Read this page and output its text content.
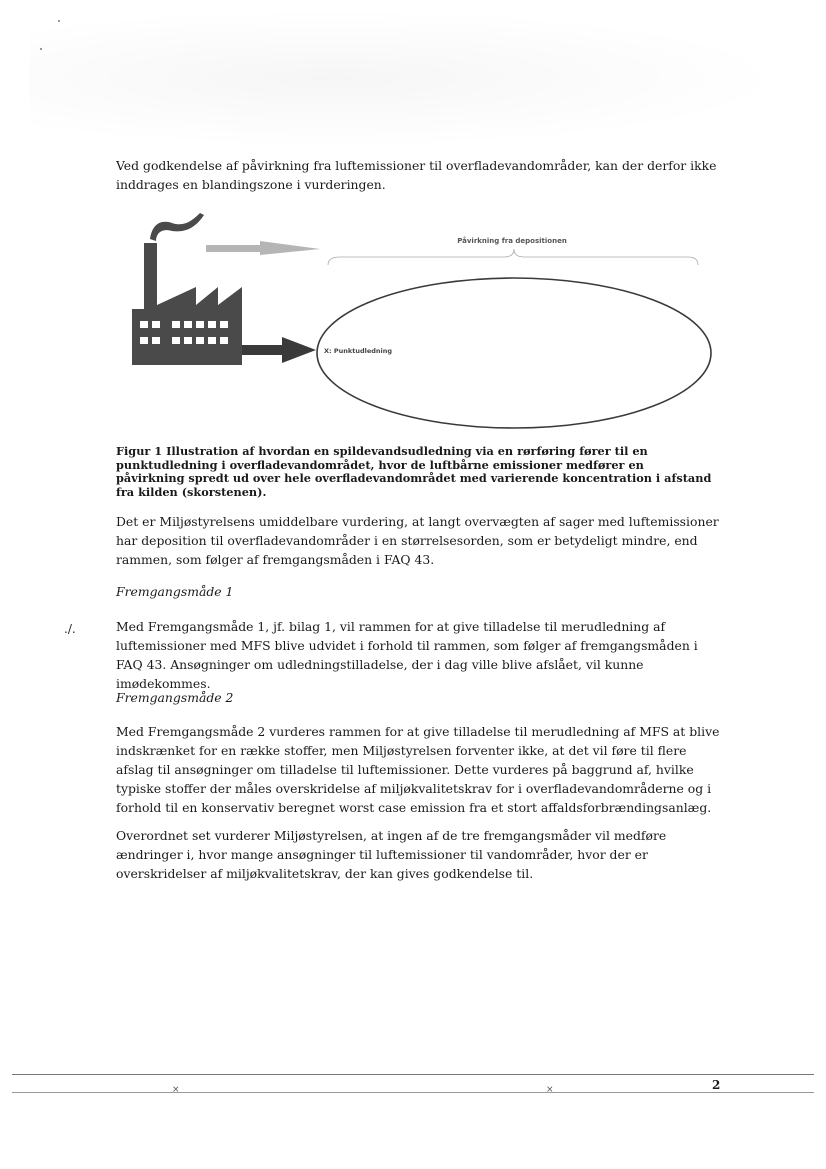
Ved godkendelse af påvirkning fra luftemissioner til overfladevandområder, kan der derfor ikke inddrages en blandingszone i vurderingen.

Påvirkning fra depositionen
X: Punktudledning

Figur 1 Illustration af hvordan en spildevandsudledning via en rørføring fører til en punktudledning i overfladevandområdet, hvor de luftbårne emissioner medfører en påvirkning spredt ud over hele overfladevandområdet med varierende koncentration i afstand fra kilden (skorstenen).

Det er Miljøstyrelsens umiddelbare vurdering, at langt overvægten af sager med luftemissioner har deposition til overfladevandområder i en størrelsesorden, som er betydeligt mindre, end rammen, som følger af fremgangsmåden i FAQ 43.

Fremgangsmåde 1

./.	Med Fremgangsmåde 1, jf. bilag 1, vil rammen for at give tilladelse til merudledning af luftemissioner med MFS blive udvidet i forhold til rammen, som følger af fremgangsmåden i FAQ 43. Ansøgninger om udledningstilladelse, der i dag ville blive afslået, vil kunne imødekommes.

Fremgangsmåde 2

Med Fremgangsmåde 2 vurderes rammen for at give tilladelse til merudledning af MFS at blive indskrænket for en række stoffer, men Miljøstyrelsen forventer ikke, at det vil føre til flere afslag til ansøgninger om tilladelse til luftemissioner. Dette vurderes på baggrund af, hvilke typiske stoffer der måles overskridelse af miljøkvalitetskrav for i overfladevandområderne og i forhold til en konservativ beregnet worst case emission fra et stort affaldsforbrændingsanlæg.

Overordnet set vurderer Miljøstyrelsen, at ingen af de tre fremgangsmåder vil medføre ændringer i, hvor mange ansøgninger til luftemissioner til vandområder, hvor der er overskridelser af miljøkvalitetskrav, der kan gives godkendelse til.

×	×	2
